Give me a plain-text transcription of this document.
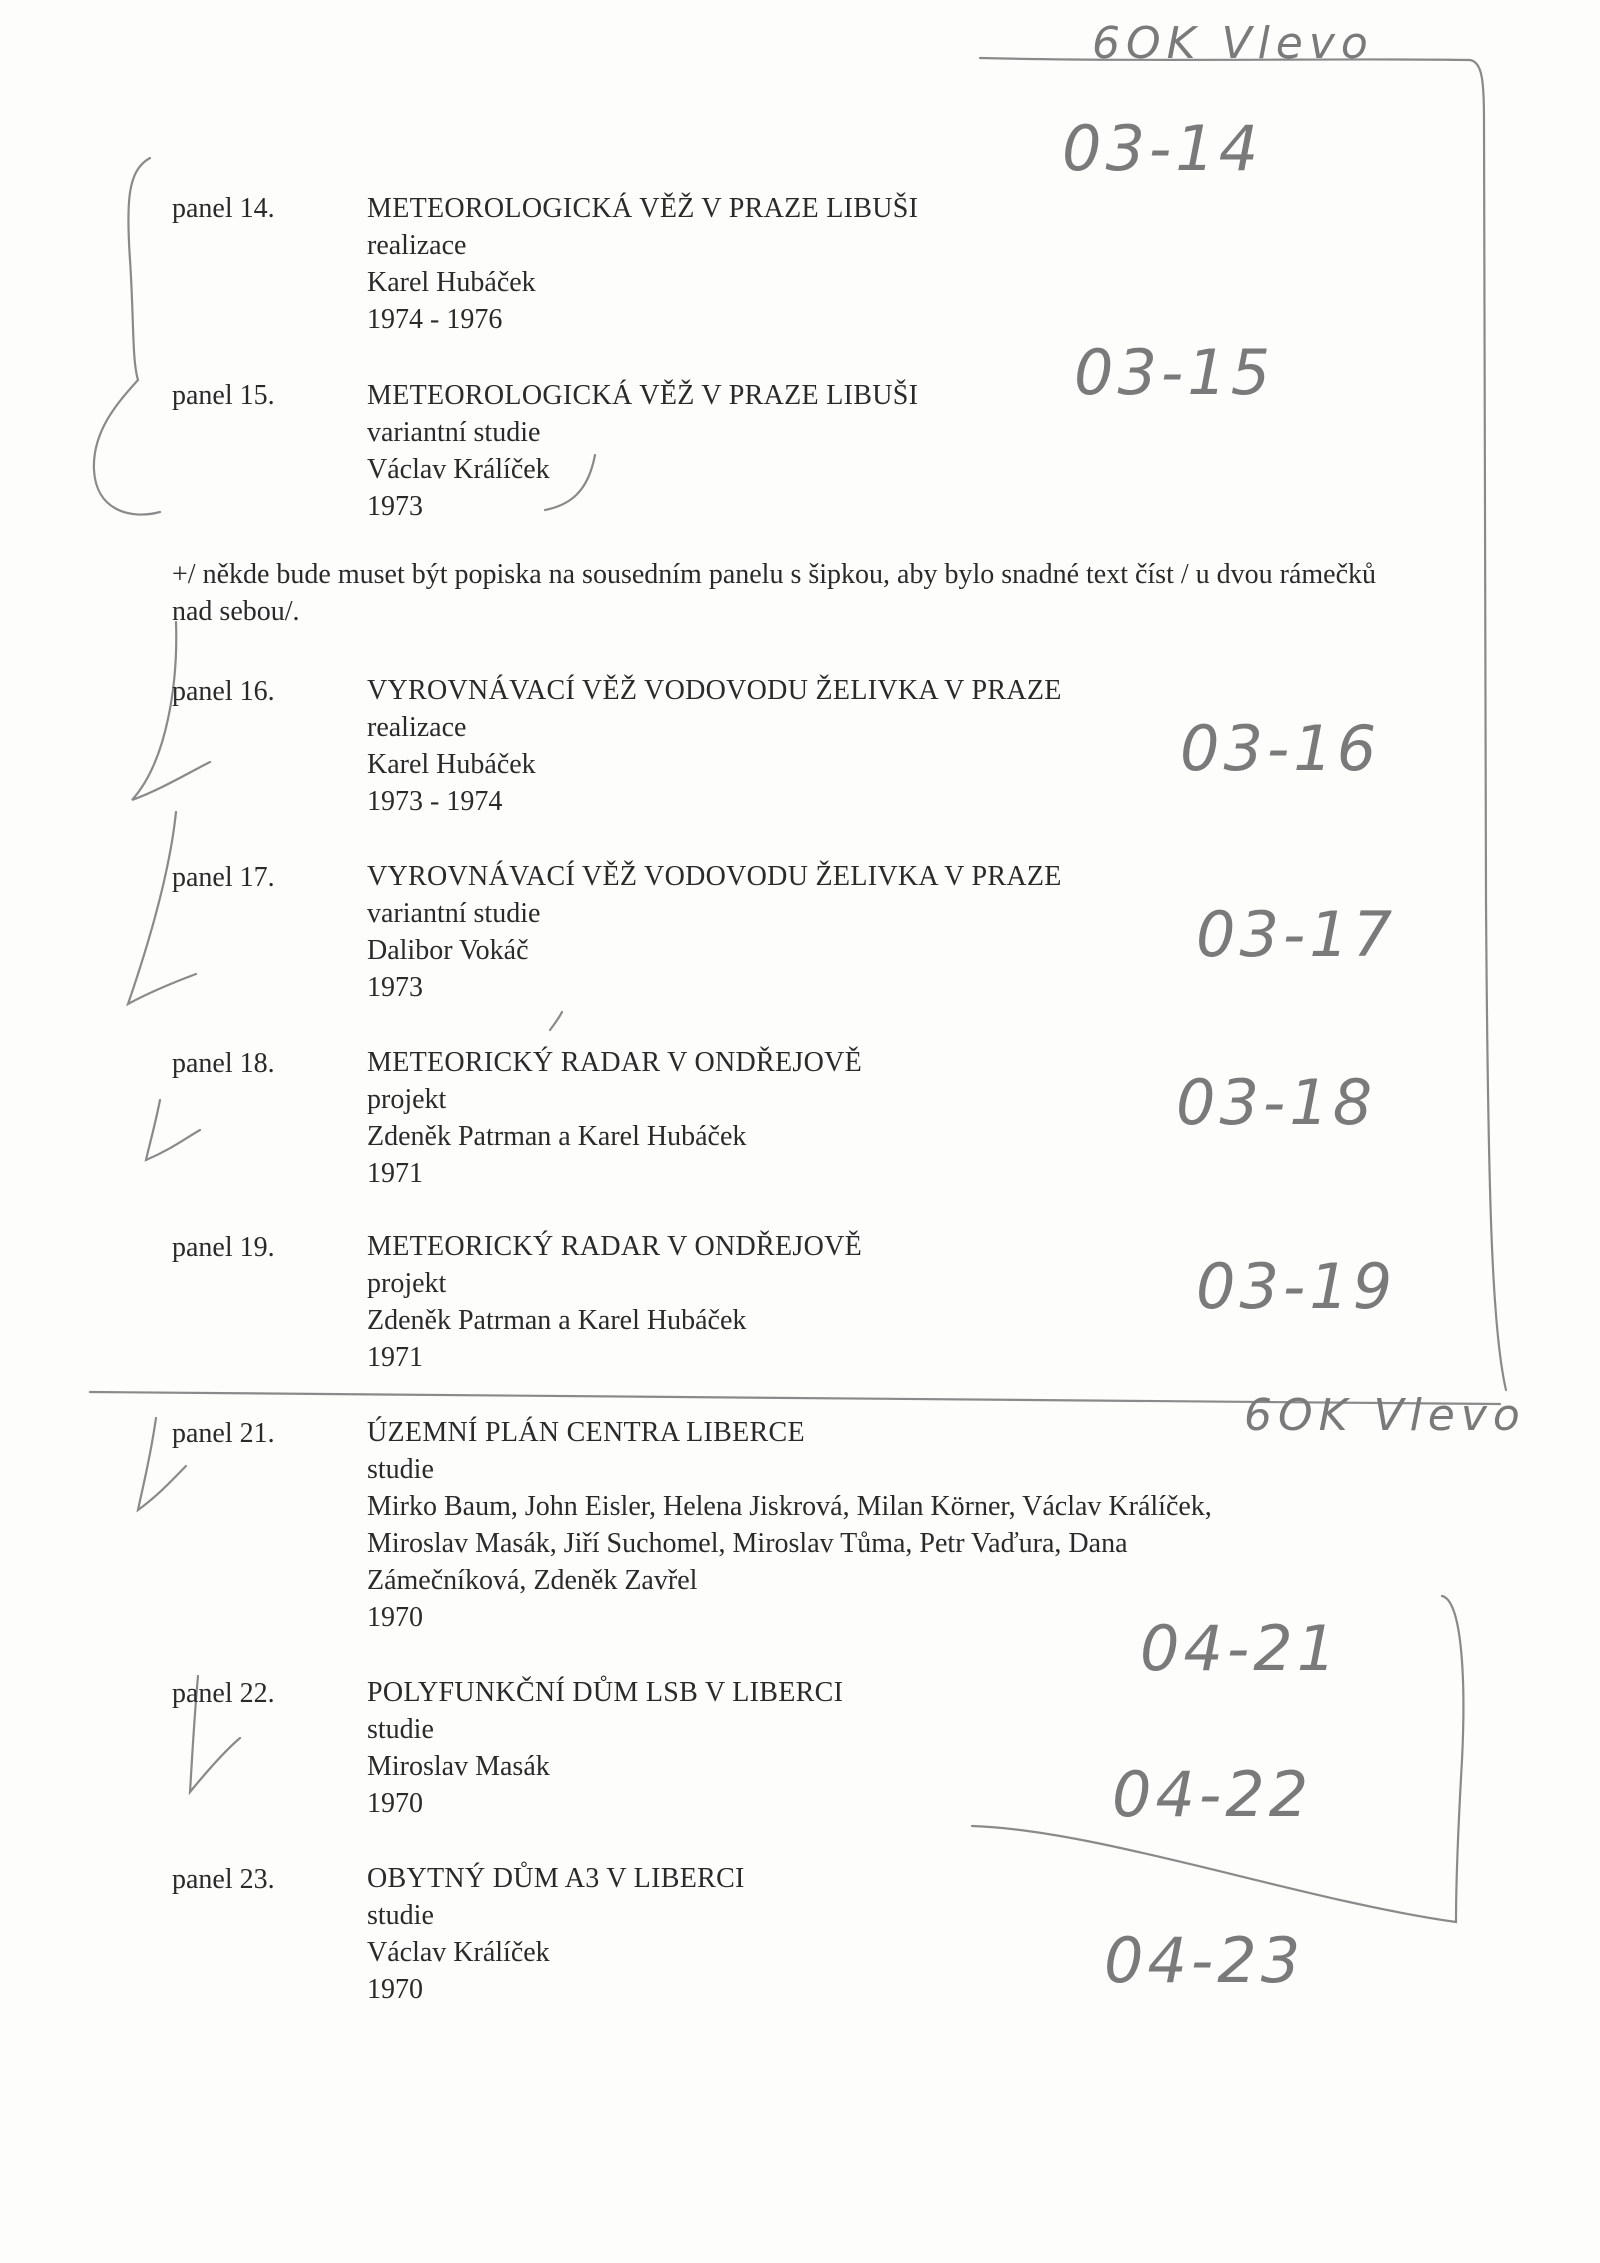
6OK Vlevo
6OK Vlevo
03-14
03-15
03-16
03-17
03-18
03-19
04-21
04-22
04-23
panel 14.	METEOROLOGICKÁ VĚŽ V PRAZE LIBUŠI
realizace
Karel Hubáček
1974 - 1976
panel 15.	METEOROLOGICKÁ VĚŽ V PRAZE LIBUŠI
variantní studie
Václav Králíček
1973
+/ někde bude muset být popiska na sousedním panelu s šipkou, aby bylo snadné text číst / u dvou rámečků nad sebou/.
panel 16.	VYROVNÁVACÍ VĚŽ VODOVODU ŽELIVKA V PRAZE
realizace
Karel Hubáček
1973 - 1974
panel 17.	VYROVNÁVACÍ VĚŽ VODOVODU ŽELIVKA V PRAZE
variantní studie
Dalibor Vokáč
1973
panel 18.	METEORICKÝ RADAR V ONDŘEJOVĚ
projekt
Zdeněk Patrman a Karel Hubáček
1971
panel 19.	METEORICKÝ RADAR V ONDŘEJOVĚ
projekt
Zdeněk Patrman a Karel Hubáček
1971
panel 21.	ÚZEMNÍ PLÁN CENTRA LIBERCE
studie
Mirko Baum, John Eisler, Helena Jiskrová, Milan Körner, Václav Králíček,
Miroslav Masák, Jiří Suchomel, Miroslav Tůma, Petr Vaďura, Dana
Zámečníková, Zdeněk Zavřel
1970
panel 22.	POLYFUNKČNÍ DŮM LSB V LIBERCI
studie
Miroslav Masák
1970
panel 23.	OBYTNÝ DŮM A3 V LIBERCI
studie
Václav Králíček
1970
